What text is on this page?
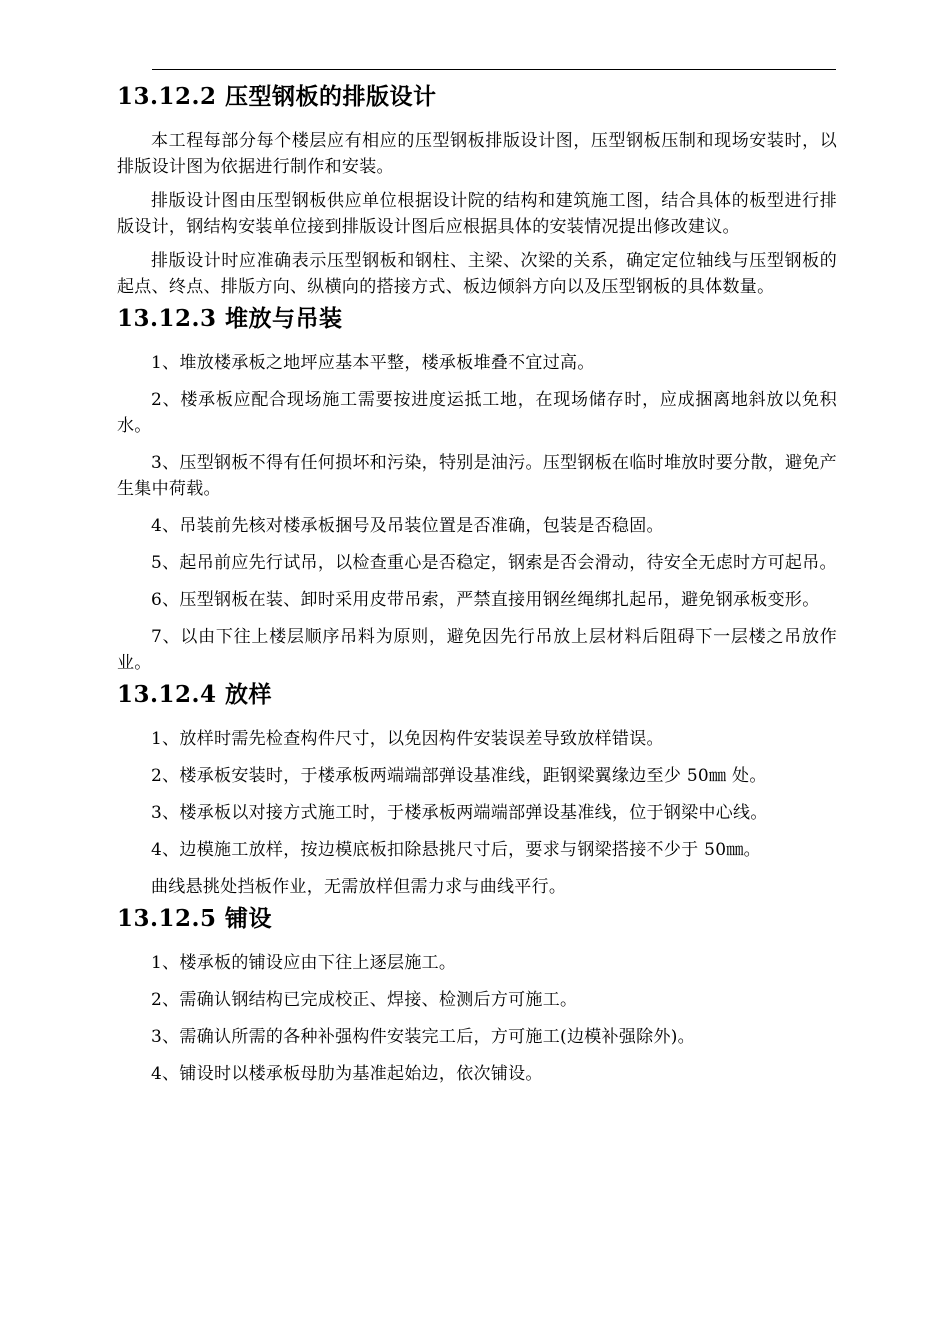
13.12.2 压型钢板的排版设计

本工程每部分每个楼层应有相应的压型钢板排版设计图，压型钢板压制和现场安装时，以排版设计图为依据进行制作和安装。

排版设计图由压型钢板供应单位根据设计院的结构和建筑施工图，结合具体的板型进行排版设计，钢结构安装单位接到排版设计图后应根据具体的安装情况提出修改建议。

排版设计时应准确表示压型钢板和钢柱、主梁、次梁的关系，确定定位轴线与压型钢板的起点、终点、排版方向、纵横向的搭接方式、板边倾斜方向以及压型钢板的具体数量。

13.12.3 堆放与吊装

1、堆放楼承板之地坪应基本平整，楼承板堆叠不宜过高。

2、楼承板应配合现场施工需要按进度运抵工地，在现场储存时，应成捆离地斜放以免积水。

3、压型钢板不得有任何损坏和污染，特别是油污。压型钢板在临时堆放时要分散，避免产生集中荷载。

4、吊装前先核对楼承板捆号及吊装位置是否准确，包装是否稳固。

5、起吊前应先行试吊，以检查重心是否稳定，钢索是否会滑动，待安全无虑时方可起吊。

6、压型钢板在装、卸时采用皮带吊索，严禁直接用钢丝绳绑扎起吊，避免钢承板变形。

7、以由下往上楼层顺序吊料为原则，避免因先行吊放上层材料后阻碍下一层楼之吊放作业。

13.12.4 放样

1、放样时需先检查构件尺寸，以免因构件安装误差导致放样错误。

2、楼承板安装时，于楼承板两端端部弹设基准线，距钢梁翼缘边至少 50㎜ 处。

3、楼承板以对接方式施工时，于楼承板两端端部弹设基准线，位于钢梁中心线。

4、边模施工放样，按边模底板扣除悬挑尺寸后，要求与钢梁搭接不少于 50㎜。

曲线悬挑处挡板作业，无需放样但需力求与曲线平行。

13.12.5 铺设

1、楼承板的铺设应由下往上逐层施工。

2、需确认钢结构已完成校正、焊接、检测后方可施工。

3、需确认所需的各种补强构件安装完工后，方可施工(边模补强除外)。

4、铺设时以楼承板母肋为基准起始边，依次铺设。
